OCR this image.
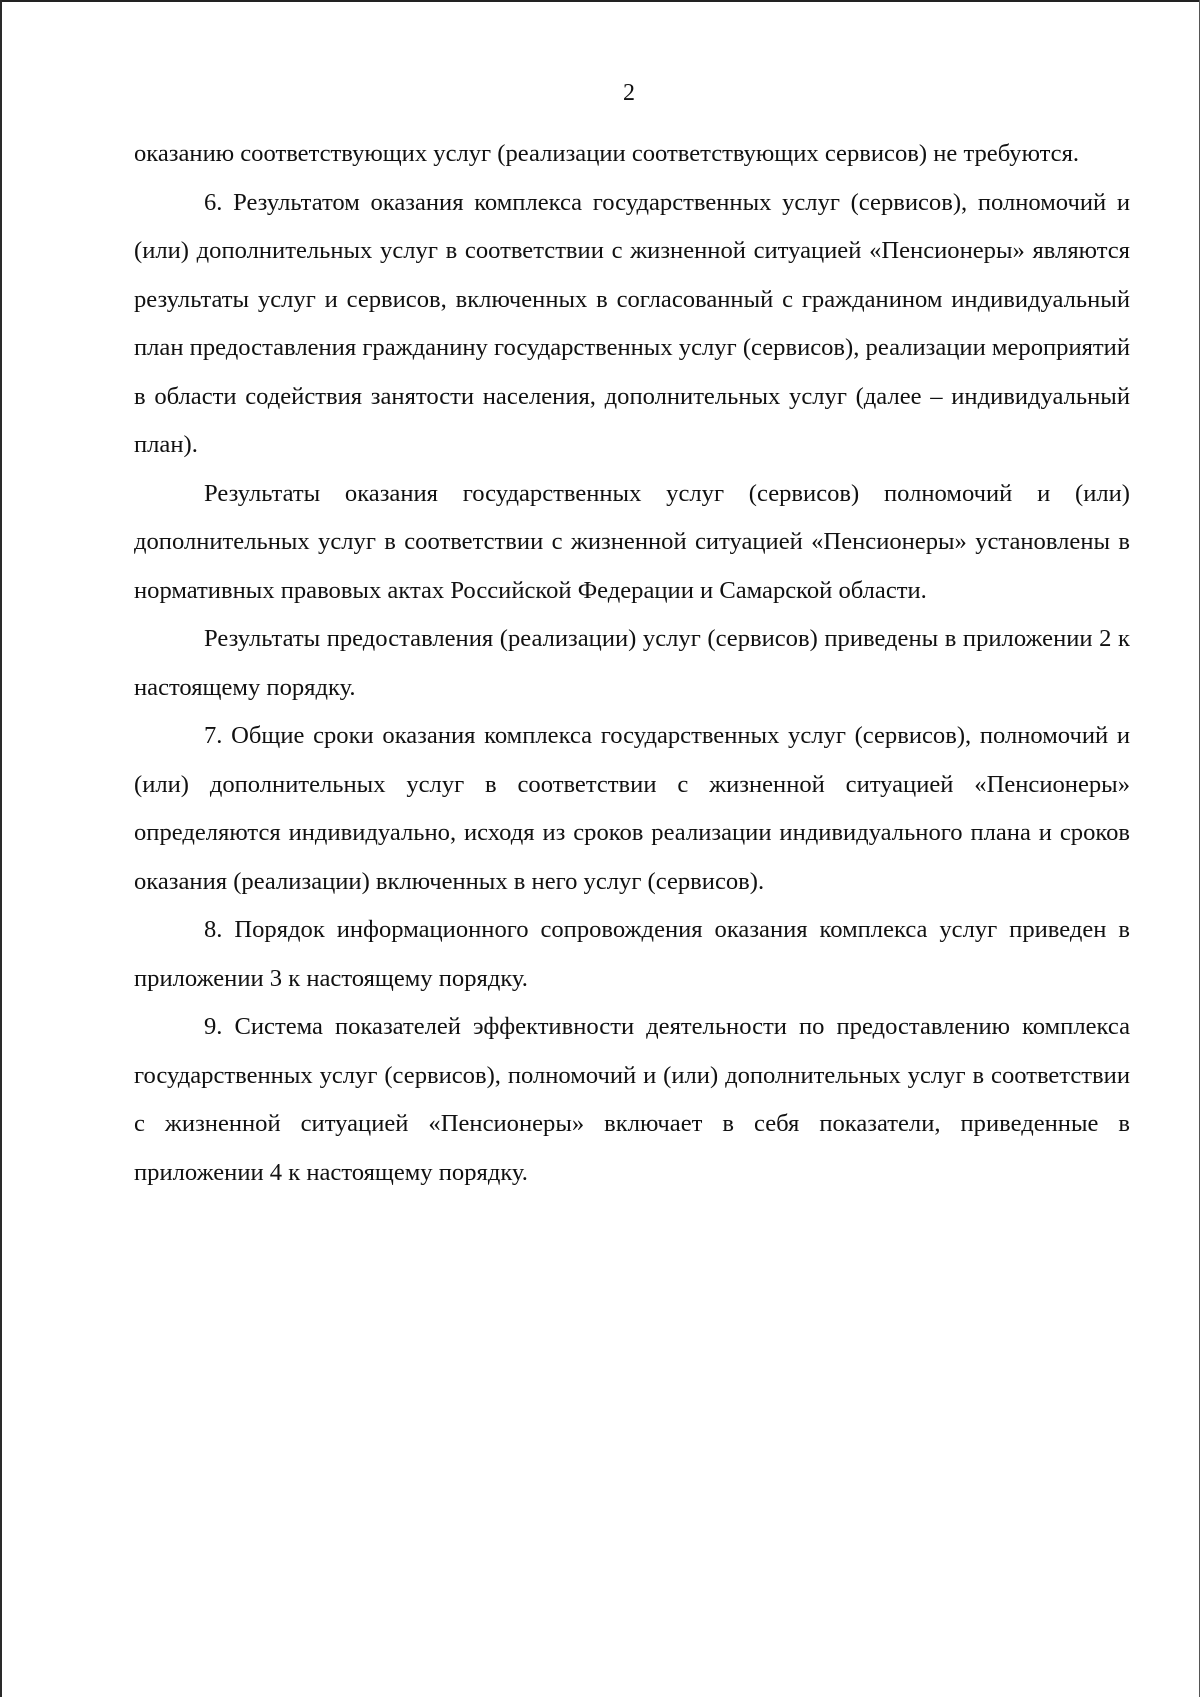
2

оказанию соответствующих услуг (реализации соответствующих сервисов) не требуются.

6. Результатом оказания комплекса государственных услуг (сервисов), полномочий и (или) дополнительных услуг в соответствии с жизненной ситуацией «Пенсионеры» являются результаты услуг и сервисов, включенных в согласованный с гражданином индивидуальный план предоставления гражданину государственных услуг (сервисов), реализации мероприятий в области содействия занятости населения, дополнительных услуг (далее – индивидуальный план).

Результаты оказания государственных услуг (сервисов) полномочий и (или) дополнительных услуг в соответствии с жизненной ситуацией «Пенсионеры» установлены в нормативных правовых актах Российской Федерации и Самарской области.

Результаты предоставления (реализации) услуг (сервисов) приведены в приложении 2 к настоящему порядку.

7. Общие сроки оказания комплекса государственных услуг (сервисов), полномочий и (или) дополнительных услуг в соответствии с жизненной ситуацией «Пенсионеры» определяются индивидуально, исходя из сроков реализации индивидуального плана и сроков оказания (реализации) включенных в него услуг (сервисов).

8. Порядок информационного сопровождения оказания комплекса услуг приведен в приложении 3 к настоящему порядку.

9. Система показателей эффективности деятельности по предоставлению комплекса государственных услуг (сервисов), полномочий и (или) дополнительных услуг в соответствии с жизненной ситуацией «Пенсионеры» включает в себя показатели, приведенные в приложении 4 к настоящему порядку.
